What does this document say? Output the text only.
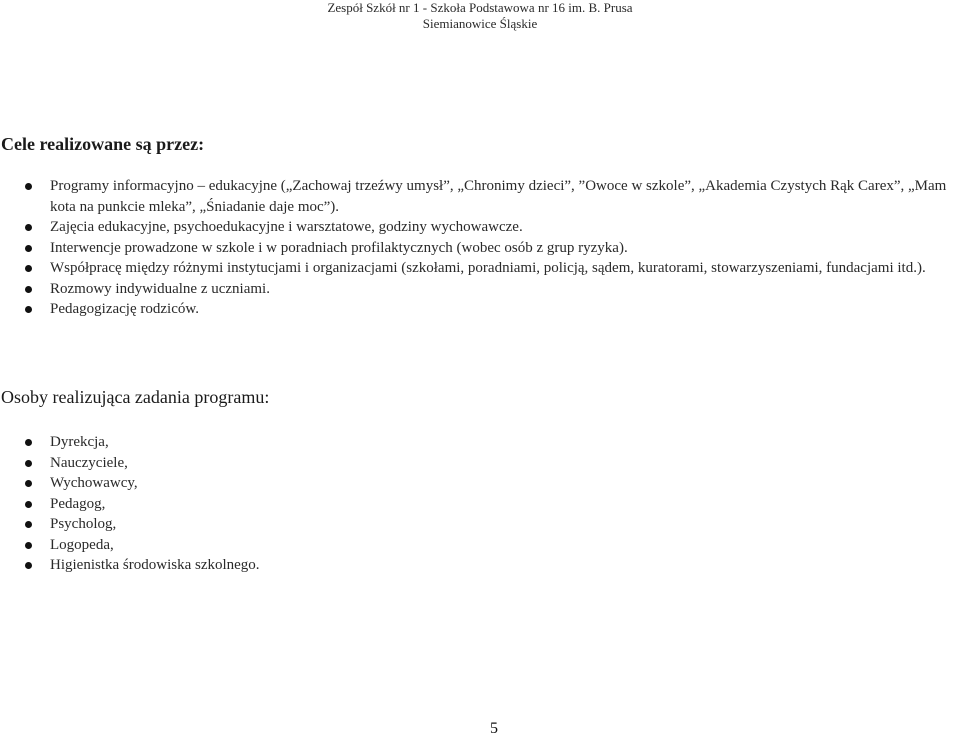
Zespół Szkół nr 1 - Szkoła Podstawowa nr 16 im. B. Prusa
Siemianowice Śląskie
Cele realizowane są przez:
Programy informacyjno – edukacyjne („Zachowaj trzeźwy umysł”, „Chronimy dzieci”, ”Owoce w szkole”, „Akademia Czystych Rąk Carex”, „Mam kota na punkcie mleka”, „Śniadanie daje moc”).
Zajęcia edukacyjne, psychoedukacyjne i warsztatowe, godziny wychowawcze.
Interwencje prowadzone w szkole i w poradniach profilaktycznych (wobec osób z grup ryzyka).
Współpracę między różnymi instytucjami i organizacjami (szkołami, poradniami, policją, sądem, kuratorami, stowarzyszeniami, fundacjami itd.).
Rozmowy indywidualne z uczniami.
Pedagogizację rodziców.
Osoby realizująca zadania programu:
Dyrekcja,
Nauczyciele,
Wychowawcy,
Pedagog,
Psycholog,
Logopeda,
Higienistka środowiska szkolnego.
5
